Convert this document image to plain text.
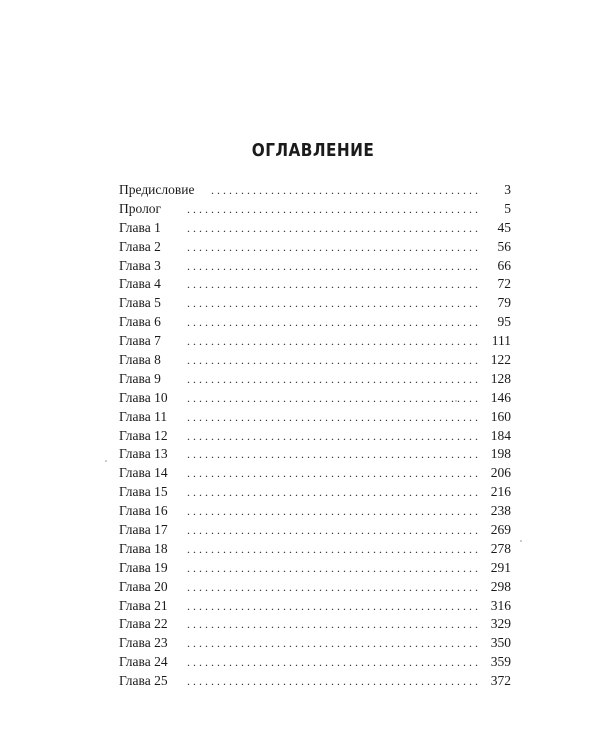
ОГЛАВЛЕНИЕ
Предисловие . . .	3
Пролог . . .	5
Глава 1 . . .	45
Глава 2 . . .	56
Глава 3 . . .	66
Глава 4 . . .	72
Глава 5 . . .	79
Глава 6 . . .	95
Глава 7 . . .	111
Глава 8 . . .	122
Глава 9 . . .	128
Глава 10 . . .	146
Глава 11 . . .	160
Глава 12 . . .	184
Глава 13 . . .	198
Глава 14 . . .	206
Глава 15 . . .	216
Глава 16 . . .	238
Глава 17 . . .	269
Глава 18 . . .	278
Глава 19 . . .	291
Глава 20 . . .	298
Глава 21 . . .	316
Глава 22 . . .	329
Глава 23 . . .	350
Глава 24 . . .	359
Глава 25 . . .	372
